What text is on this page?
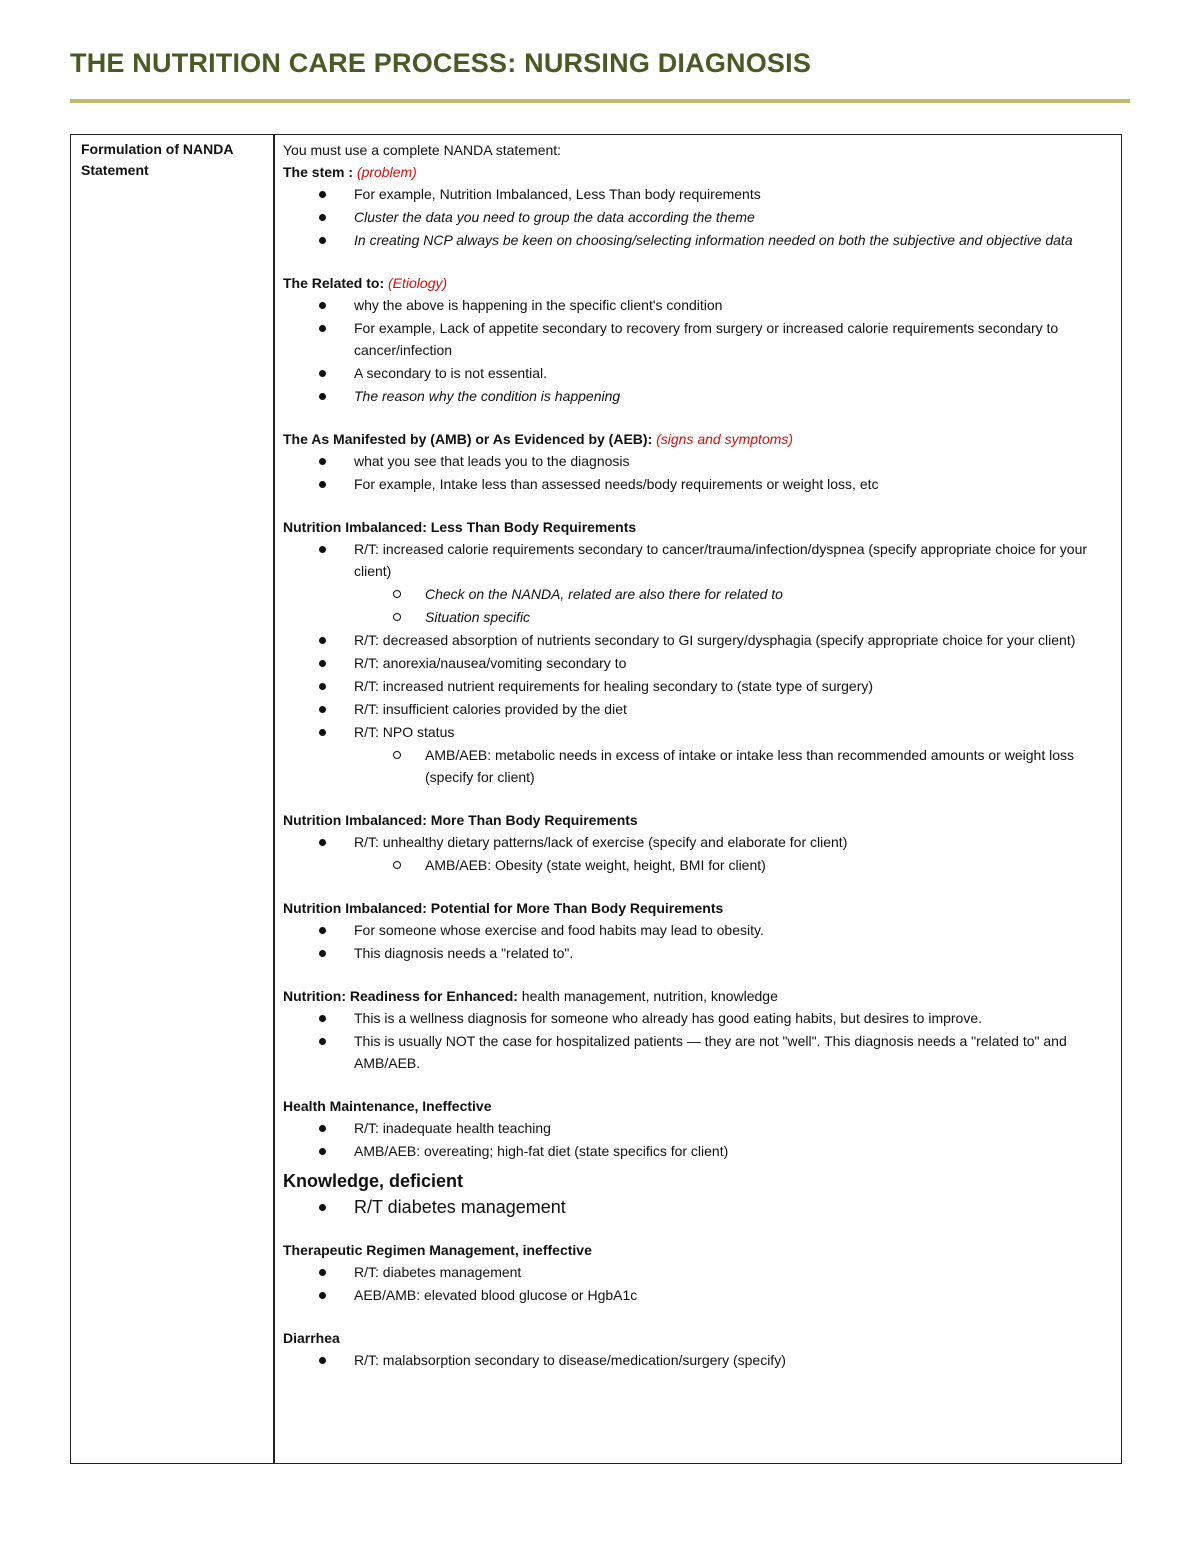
THE NUTRITION CARE PROCESS: NURSING DIAGNOSIS
Formulation of NANDA Statement

You must use a complete NANDA statement:

The stem : (problem)

For example, Nutrition Imbalanced, Less Than body requirements

Cluster the data you need to group the data according the theme

In creating NCP always be keen on choosing/selecting information needed on both the subjective and objective data

The Related to: (Etiology)

why the above is happening in the specific client's condition

For example, Lack of appetite secondary to recovery from surgery or increased calorie requirements secondary to cancer/infection

A secondary to is not essential.

The reason why the condition is happening

The As Manifested by (AMB) or As Evidenced by (AEB): (signs and symptoms)

what you see that leads you to the diagnosis

For example, Intake less than assessed needs/body requirements or weight loss, etc

Nutrition Imbalanced: Less Than Body Requirements

R/T: increased calorie requirements secondary to cancer/trauma/infection/dyspnea (specify appropriate choice for your client)

Check on the NANDA, related are also there for related to

Situation specific

R/T: decreased absorption of nutrients secondary to GI surgery/dysphagia (specify appropriate choice for your client)

R/T: anorexia/nausea/vomiting secondary to

R/T: increased nutrient requirements for healing secondary to (state type of surgery)

R/T: insufficient calories provided by the diet

R/T: NPO status

AMB/AEB: metabolic needs in excess of intake or intake less than recommended amounts or weight loss (specify for client)

Nutrition Imbalanced: More Than Body Requirements

R/T: unhealthy dietary patterns/lack of exercise (specify and elaborate for client)

AMB/AEB: Obesity (state weight, height, BMI for client)

Nutrition Imbalanced: Potential for More Than Body Requirements

For someone whose exercise and food habits may lead to obesity.

This diagnosis needs a "related to".

Nutrition: Readiness for Enhanced: health management, nutrition, knowledge

This is a wellness diagnosis for someone who already has good eating habits, but desires to improve.

This is usually NOT the case for hospitalized patients — they are not "well". This diagnosis needs a "related to" and AMB/AEB.

Health Maintenance, Ineffective

R/T: inadequate health teaching

AMB/AEB: overeating; high-fat diet (state specifics for client)

Knowledge, deficient

R/T diabetes management

Therapeutic Regimen Management, ineffective

R/T: diabetes management

AEB/AMB: elevated blood glucose or HgbA1c

Diarrhea

R/T: malabsorption secondary to disease/medication/surgery (specify)
